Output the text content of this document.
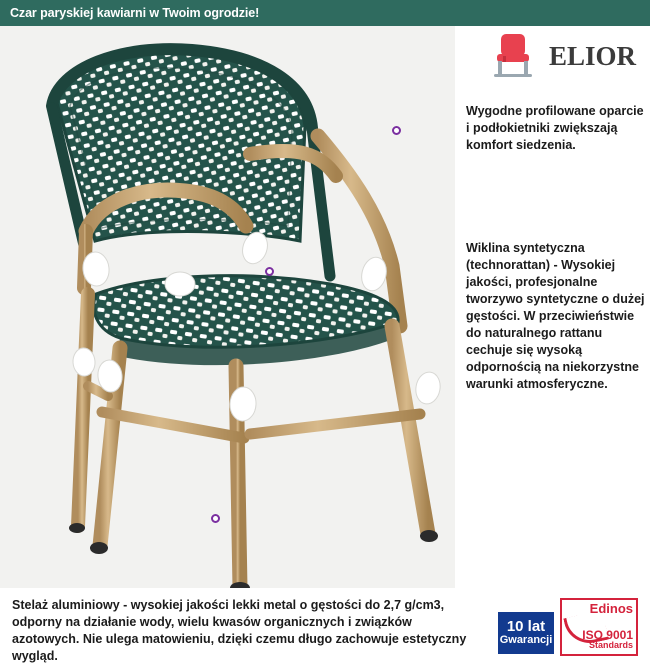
Czar paryskiej kawiarni w Twoim ogrodzie!
ELIOR
Wygodne profilowane oparcie i podłokietniki zwiększają komfort siedzenia.
Wiklina syntetyczna (technorattan) - Wysokiej jakości, profesjonalne tworzywo syntetyczne o dużej gęstości. W przeciwieństwie do naturalnego rattanu cechuje się wysoką odpornością na niekorzystne warunki atmosferyczne.
Stelaż aluminiowy - wysokiej jakości lekki metal o gęstości do 2,7 g/cm3, odporny na działanie wody, wielu kwasów organicznych i związków azotowych. Nie ulega matowieniu, dzięki czemu długo zachowuje estetyczny wygląd.
10 lat
Gwarancji
Edinos
ISO 9001
Standards
